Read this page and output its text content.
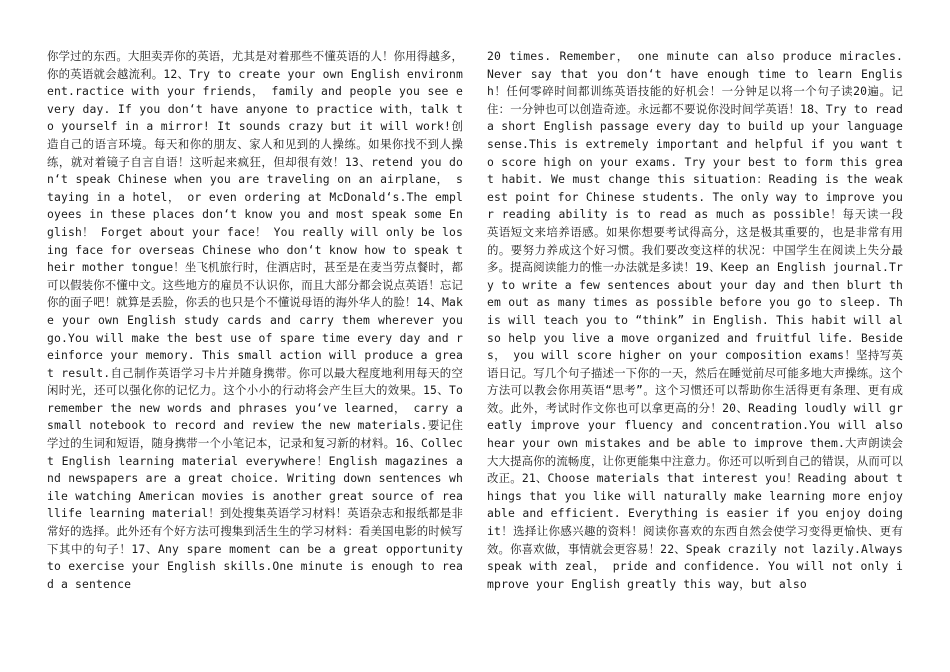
你学过的东西。大胆卖弄你的英语，尤其是对着那些不懂英语的人！你用得越多，你的英语就会越流利。12、Try to create your own English environment.ractice with your friends， family and people you see every day. If you don‘t have anyone to practice with，talk to yourself in a mirror! It sounds crazy but it will work!创造自己的语言环境。每天和你的朋友、家人和见到的人操练。如果你找不到人操练，就对着镜子自言自语！这听起来疯狂，但却很有效！13、retend you don‘t speak Chinese when you are traveling on an airplane， staying in a hotel， or even ordering at McDonald‘s.The employees in these places don‘t know you and most speak some English！ Forget about your face！ You really will only be losing face for overseas Chinese who don‘t know how to speak their mother tongue！坐飞机旅行时，住酒店时，甚至是在麦当劳点餐时，都可以假装你不懂中文。这些地方的雇员不认识你，而且大部分都会说点英语！忘记你的面子吧！就算是丢脸，你丢的也只是个不懂说母语的海外华人的脸！14、Make your own English study cards and carry them wherever you go.You will make the best use of spare time every day and reinforce your memory. This small action will produce a great result.自己制作英语学习卡片并随身携带。你可以最大程度地利用每天的空闲时光，还可以强化你的记忆力。这个小小的行动将会产生巨大的效果。15、To remember the new words and phrases you‘ve learned， carry a small notebook to record and review the new materials.要记住学过的生词和短语，随身携带一个小笔记本，记录和复习新的材料。16、Collect English learning material everywhere！English magazines and newspapers are a great choice. Writing down sentences while watching American movies is another great source of reallife learning material！到处搜集英语学习材料！英语杂志和报纸都是非常好的选择。此外还有个好方法可搜集到活生生的学习材料：看美国电影的时候写下其中的句子！17、Any spare moment can be a great opportunity to exercise your English skills.One minute is enough to read a sentence

20 times. Remember， one minute can also produce miracles. Never say that you don‘t have enough time to learn English！任何零碎时间都训练英语技能的好机会！一分钟足以将一个句子读20遍。记住：一分钟也可以创造奇迹。永远都不要说你没时间学英语！18、Try to read a short English passage every day to build up your language sense.This is extremely important and helpful if you want to score high on your exams. Try your best to form this great habit. We must change this situation：Reading is the weakest point for Chinese students. The only way to improve your reading ability is to read as much as possible！每天读一段英语短文来培养语感。如果你想要考试得高分，这是极其重要的，也是非常有用的。要努力养成这个好习惯。我们要改变这样的状况：中国学生在阅读上失分最多。提高阅读能力的惟一办法就是多读！19、Keep an English journal.Try to write a few sentences about your day and then blurt them out as many times as possible before you go to sleep. This will teach you to “think” in English. This habit will also help you live a move organized and fruitful life. Besides， you will score higher on your composition exams！坚持写英语日记。写几个句子描述一下你的一天，然后在睡觉前尽可能多地大声操练。这个方法可以教会你用英语“思考”。这个习惯还可以帮助你生活得更有条理、更有成效。此外，考试时作文你也可以拿更高的分！20、Reading loudly will greatly improve your fluency and concentration.You will also hear your own mistakes and be able to improve them.大声朗读会大大提高你的流畅度，让你更能集中注意力。你还可以听到自己的错误，从而可以改正。21、Choose materials that interest you！Reading about things that you like will naturally make learning more enjoyable and efficient. Everything is easier if you enjoy doing it！选择让你感兴趣的资料！阅读你喜欢的东西自然会使学习变得更愉快、更有效。你喜欢做，事情就会更容易！22、Speak crazily not lazily.Always speak with zeal， pride and confidence. You will not only improve your English greatly this way，but also
